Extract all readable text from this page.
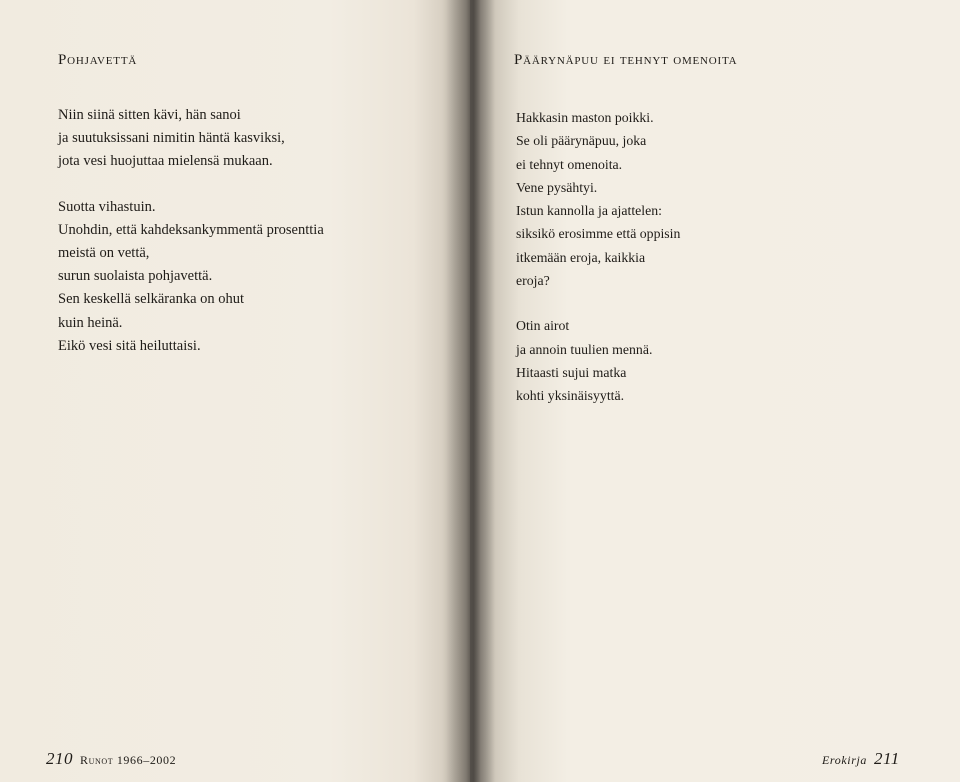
Pohjavettä
Niin siinä sitten kävi, hän sanoi
ja suutuksissani nimitin häntä kasviksi,
jota vesi huojuttaa mielensä mukaan.
Suotta vihastuin.
Unohdin, että kahdeksankymmentä prosenttia
meistä on vettä,
surun suolaista pohjavettä.
Sen keskellä selkäranka on ohut
kuin heinä.
Eikö vesi sitä heiluttaisi.
210 Runot 1966–2002
Päärynäpuu ei tehnyt omenoita
Hakkasin maston poikki.
Se oli päärynäpuu, joka
ei tehnyt omenoita.
Vene pysähtyi.
Istun kannolla ja ajattelen:
siksikö erosimme että oppisin
itkemään eroja, kaikkia
eroja?
Otin airot
ja annoin tuulien mennä.
Hitaasti sujui matka
kohti yksinäisyyttä.
Erokirja 211
